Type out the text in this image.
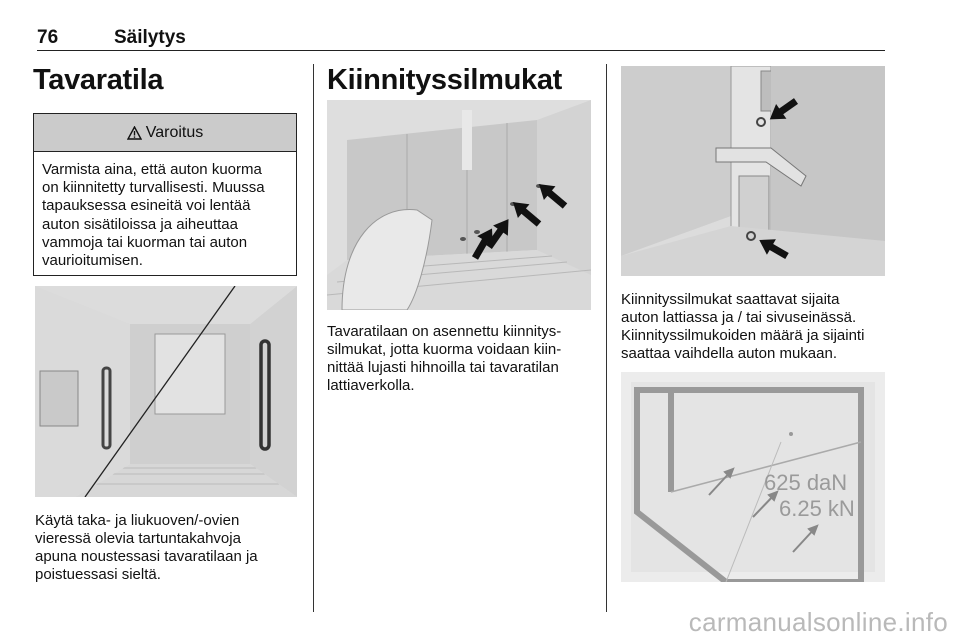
76	Säilytys
Tavaratila
Varoitus
Varmista aina, että auton kuorma
on kiinnitetty turvallisesti. Muussa
tapauksessa esineitä voi lentää
auton sisätiloissa ja aiheuttaa
vammoja tai kuorman tai auton
vaurioitumisen.
Käytä taka- ja liukuoven/-ovien
vieressä olevia tartuntakahvoja
apuna noustessasi tavaratilaan ja
poistuessasi sieltä.
Kiinnityssilmukat
Tavaratilaan on asennettu kiinnitys-
silmukat, jotta kuorma voidaan kiin-
nittää lujasti hihnoilla tai tavaratilan
lattiaverkolla.
Kiinnityssilmukat saattavat sijaita
auton lattiassa ja / tai sivuseinässä.
Kiinnityssilmukoiden määrä ja sijainti
saattaa vaihdella auton mukaan.
625 daN
6.25 kN
carmanualsonline.info
